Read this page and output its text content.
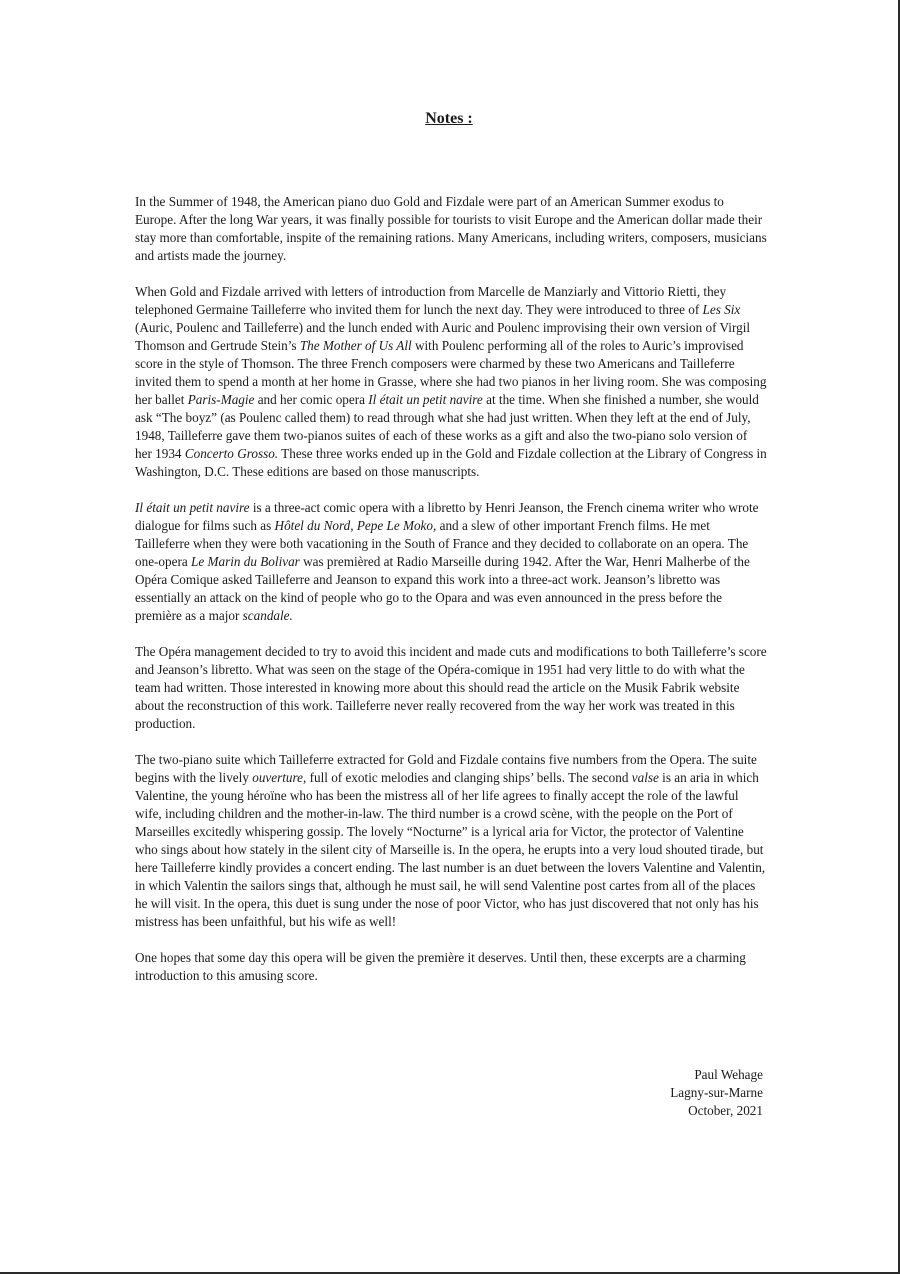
Notes :

In the Summer of 1948, the American piano duo Gold and Fizdale were part of an American Summer exodus to Europe. After the long War years, it was finally possible for tourists to visit Europe and the American dollar made their stay more than comfortable, inspite of the remaining rations. Many Americans, including writers, composers, musicians and artists made the journey.

When Gold and Fizdale arrived with letters of introduction from Marcelle de Manziarly and Vittorio Rietti, they telephoned Germaine Tailleferre who invited them for lunch the next day. They were introduced to three of Les Six (Auric, Poulenc and Tailleferre) and the lunch ended with Auric and Poulenc improvising their own version of Virgil Thomson and Gertrude Stein’s The Mother of Us All with Poulenc performing all of the roles to Auric’s improvised score in the style of Thomson. The three French composers were charmed by these two Americans and Tailleferre invited them to spend a month at her home in Grasse, where she had two pianos in her living room. She was composing her ballet Paris-Magie and her comic opera Il était un petit navire at the time. When she finished a number, she would ask “The boyz” (as Poulenc called them) to read through what she had just written. When they left at the end of July, 1948, Tailleferre gave them two-pianos suites of each of these works as a gift and also the two-piano solo version of her 1934 Concerto Grosso. These three works ended up in the Gold and Fizdale collection at the Library of Congress in Washington, D.C. These editions are based on those manuscripts.

Il était un petit navire is a three-act comic opera with a libretto by Henri Jeanson, the French cinema writer who wrote dialogue for films such as Hôtel du Nord, Pepe Le Moko, and a slew of other important French films. He met Tailleferre when they were both vacationing in the South of France and they decided to collaborate on an opera. The one-opera Le Marin du Bolivar was premièred at Radio Marseille during 1942. After the War, Henri Malherbe of the Opéra Comique asked Tailleferre and Jeanson to expand this work into a three-act work. Jeanson’s libretto was essentially an attack on the kind of people who go to the Opara and was even announced in the press before the première as a major scandale.

The Opéra management decided to try to avoid this incident and made cuts and modifications to both Tailleferre’s score and Jeanson’s libretto. What was seen on the stage of the Opéra-comique in 1951 had very little to do with what the team had written. Those interested in knowing more about this should read the article on the Musik Fabrik website about the reconstruction of this work. Tailleferre never really recovered from the way her work was treated in this production.

The two-piano suite which Tailleferre extracted for Gold and Fizdale contains five numbers from the Opera. The suite begins with the lively ouverture, full of exotic melodies and clanging ships’ bells. The second valse is an aria in which Valentine, the young héroïne who has been the mistress all of her life agrees to finally accept the role of the lawful wife, including children and the mother-in-law. The third number is a crowd scène, with the people on the Port of Marseilles excitedly whispering gossip. The lovely “Nocturne” is a lyrical aria for Victor, the protector of Valentine who sings about how stately in the silent city of Marseille is. In the opera, he erupts into a very loud shouted tirade, but here Tailleferre kindly provides a concert ending. The last number is an duet between the lovers Valentine and Valentin, in which Valentin the sailors sings that, although he must sail, he will send Valentine post cartes from all of the places he will visit. In the opera, this duet is sung under the nose of poor Victor, who has just discovered that not only has his mistress has been unfaithful, but his wife as well!

One hopes that some day this opera will be given the première it deserves. Until then, these excerpts are a charming introduction to this amusing score.

Paul Wehage
Lagny-sur-Marne
October, 2021
